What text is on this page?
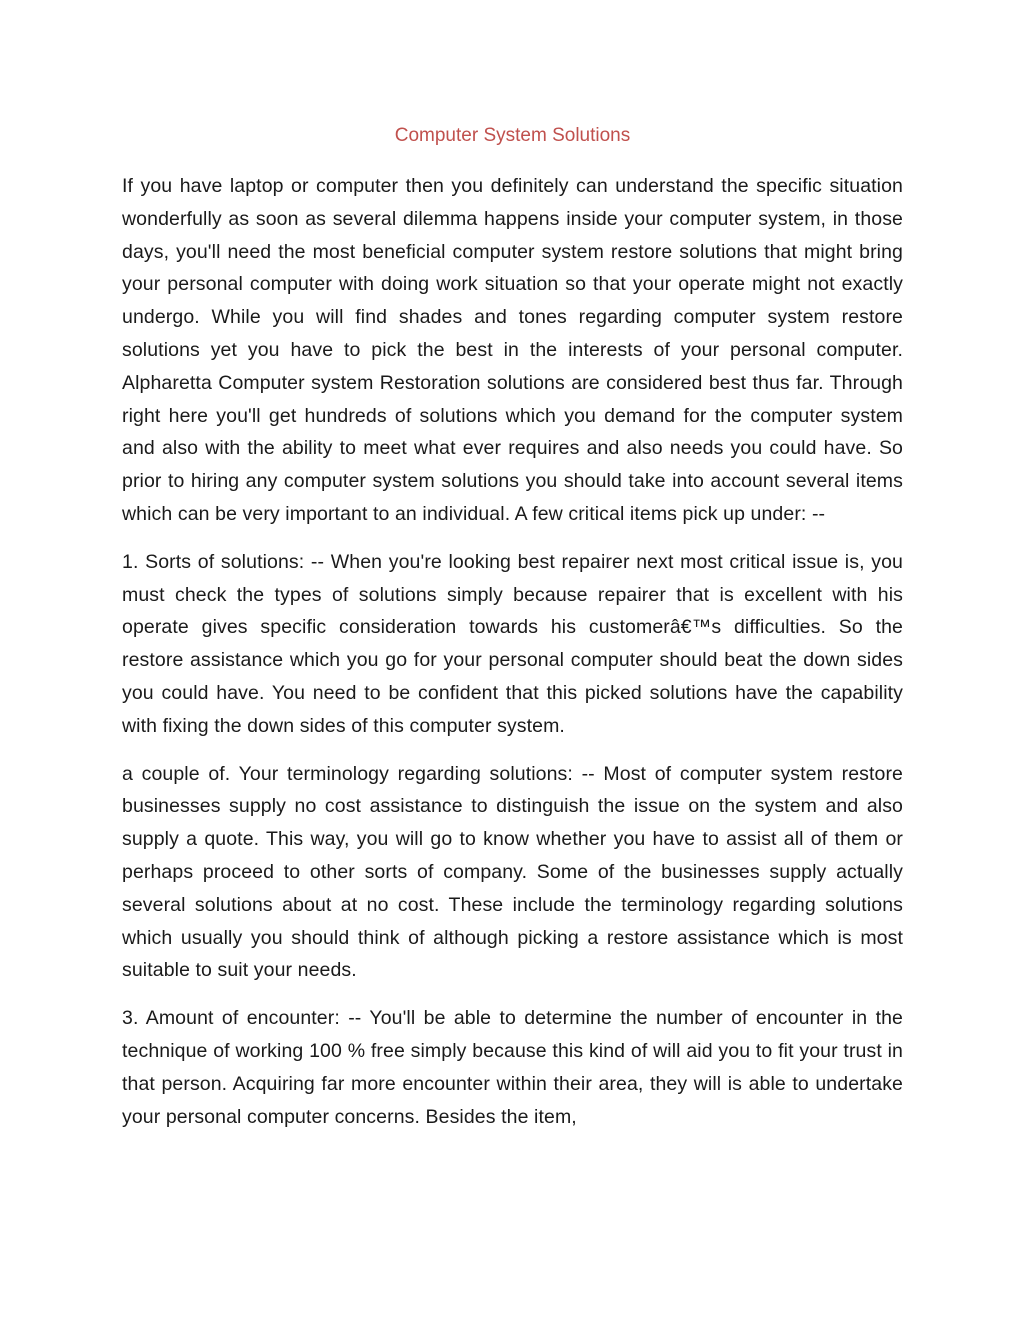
Computer System Solutions

If you have laptop or computer then you definitely can understand the specific situation wonderfully as soon as several dilemma happens inside your computer system, in those days, you'll need the most beneficial computer system restore solutions that might bring your personal computer with doing work situation so that your operate might not exactly undergo. While you will find shades and tones regarding computer system restore solutions yet you have to pick the best in the interests of your personal computer. Alpharetta Computer system Restoration solutions are considered best thus far. Through right here you'll get hundreds of solutions which you demand for the computer system and also with the ability to meet what ever requires and also needs you could have. So prior to hiring any computer system solutions you should take into account several items which can be very important to an individual. A few critical items pick up under: --

1. Sorts of solutions: -- When you're looking best repairer next most critical issue is, you must check the types of solutions simply because repairer that is excellent with his operate gives specific consideration towards his customerâ€™s difficulties. So the restore assistance which you go for your personal computer should beat the down sides you could have. You need to be confident that this picked solutions have the capability with fixing the down sides of this computer system.

a couple of. Your terminology regarding solutions: -- Most of computer system restore businesses supply no cost assistance to distinguish the issue on the system and also supply a quote. This way, you will go to know whether you have to assist all of them or perhaps proceed to other sorts of company. Some of the businesses supply actually several solutions about at no cost. These include the terminology regarding solutions which usually you should think of although picking a restore assistance which is most suitable to suit your needs.

3. Amount of encounter: -- You'll be able to determine the number of encounter in the technique of working 100 % free simply because this kind of will aid you to fit your trust in that person. Acquiring far more encounter within their area, they will is able to undertake your personal computer concerns. Besides the item,
